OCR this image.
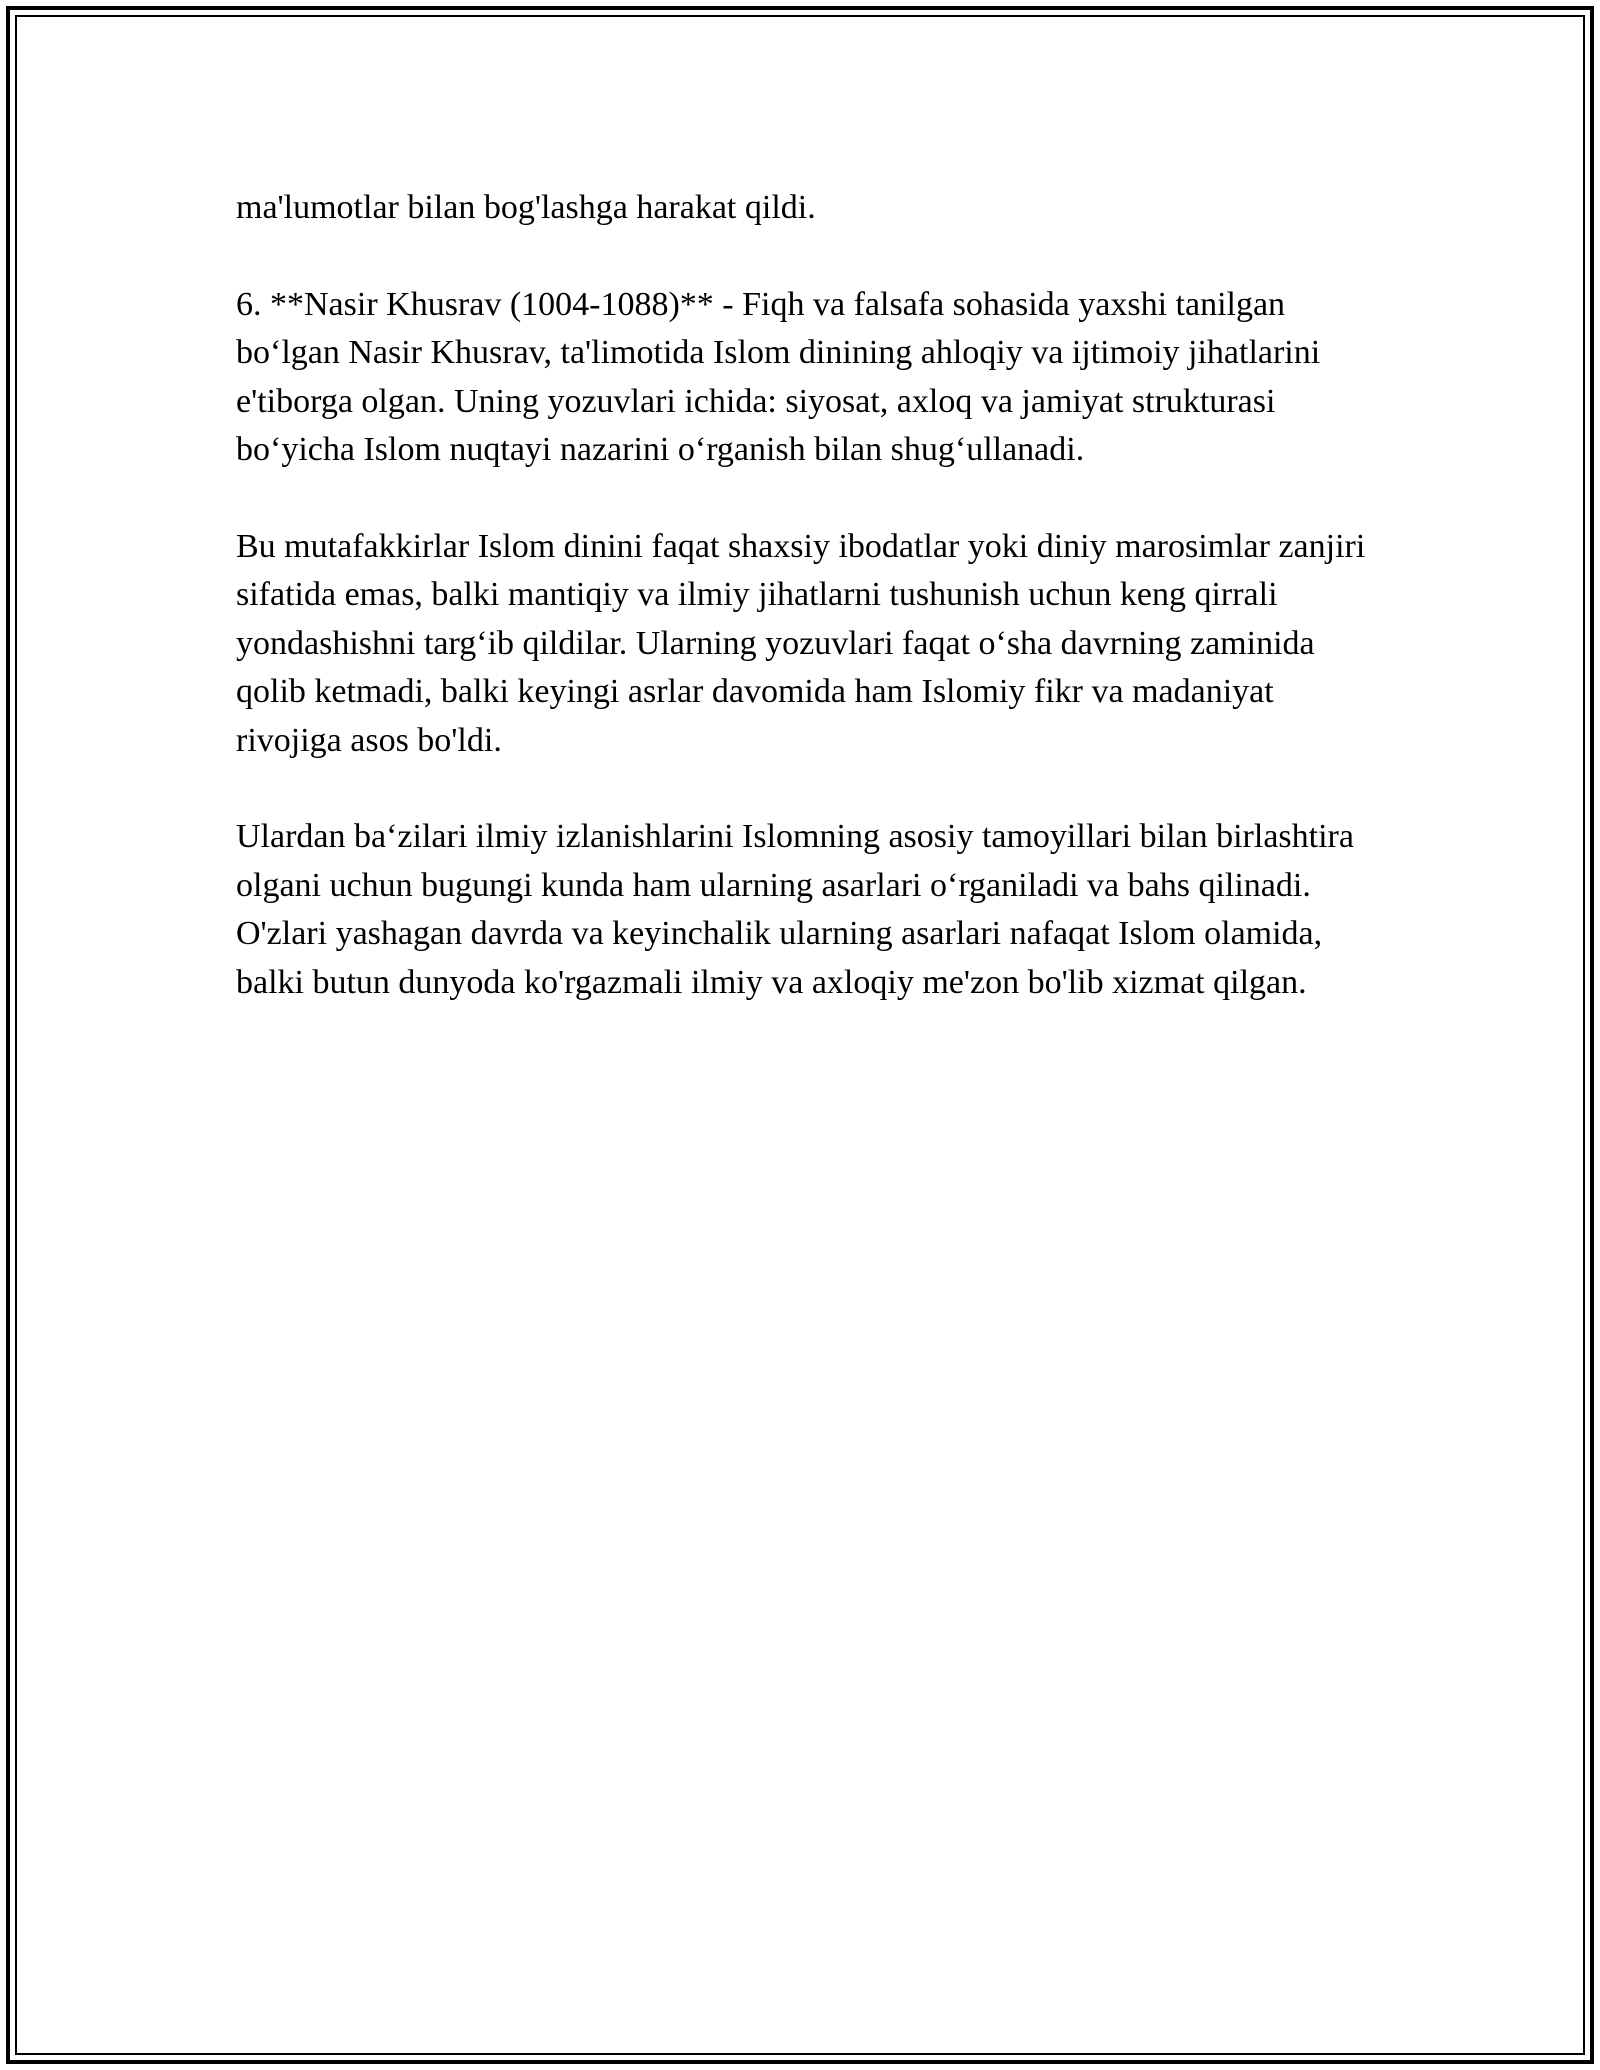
ma'lumotlar bilan bog'lashga harakat qildi.

6. **Nasir Khusrav (1004-1088)** - Fiqh va falsafa sohasida yaxshi tanilgan bo‘lgan Nasir Khusrav, ta'limotida Islom dinining ahloqiy va ijtimoiy jihatlarini e'tiborga olgan. Uning yozuvlari ichida: siyosat, axloq va jamiyat strukturasi bo‘yicha Islom nuqtayi nazarini o‘rganish bilan shug‘ullanadi.

Bu mutafakkirlar Islom dinini faqat shaxsiy ibodatlar yoki diniy marosimlar zanjiri sifatida emas, balki mantiqiy va ilmiy jihatlarni tushunish uchun keng qirrali yondashishni targ‘ib qildilar. Ularning yozuvlari faqat o‘sha davrning zaminida qolib ketmadi, balki keyingi asrlar davomida ham Islomiy fikr va madaniyat rivojiga asos bo'ldi.

Ulardan ba‘zilari ilmiy izlanishlarini Islomning asosiy tamoyillari bilan birlashtira olgani uchun bugungi kunda ham ularning asarlari o‘rganiladi va bahs qilinadi. O'zlari yashagan davrda va keyinchalik ularning asarlari nafaqat Islom olamida, balki butun dunyoda ko'rgazmali ilmiy va axloqiy me'zon bo'lib xizmat qilgan.
